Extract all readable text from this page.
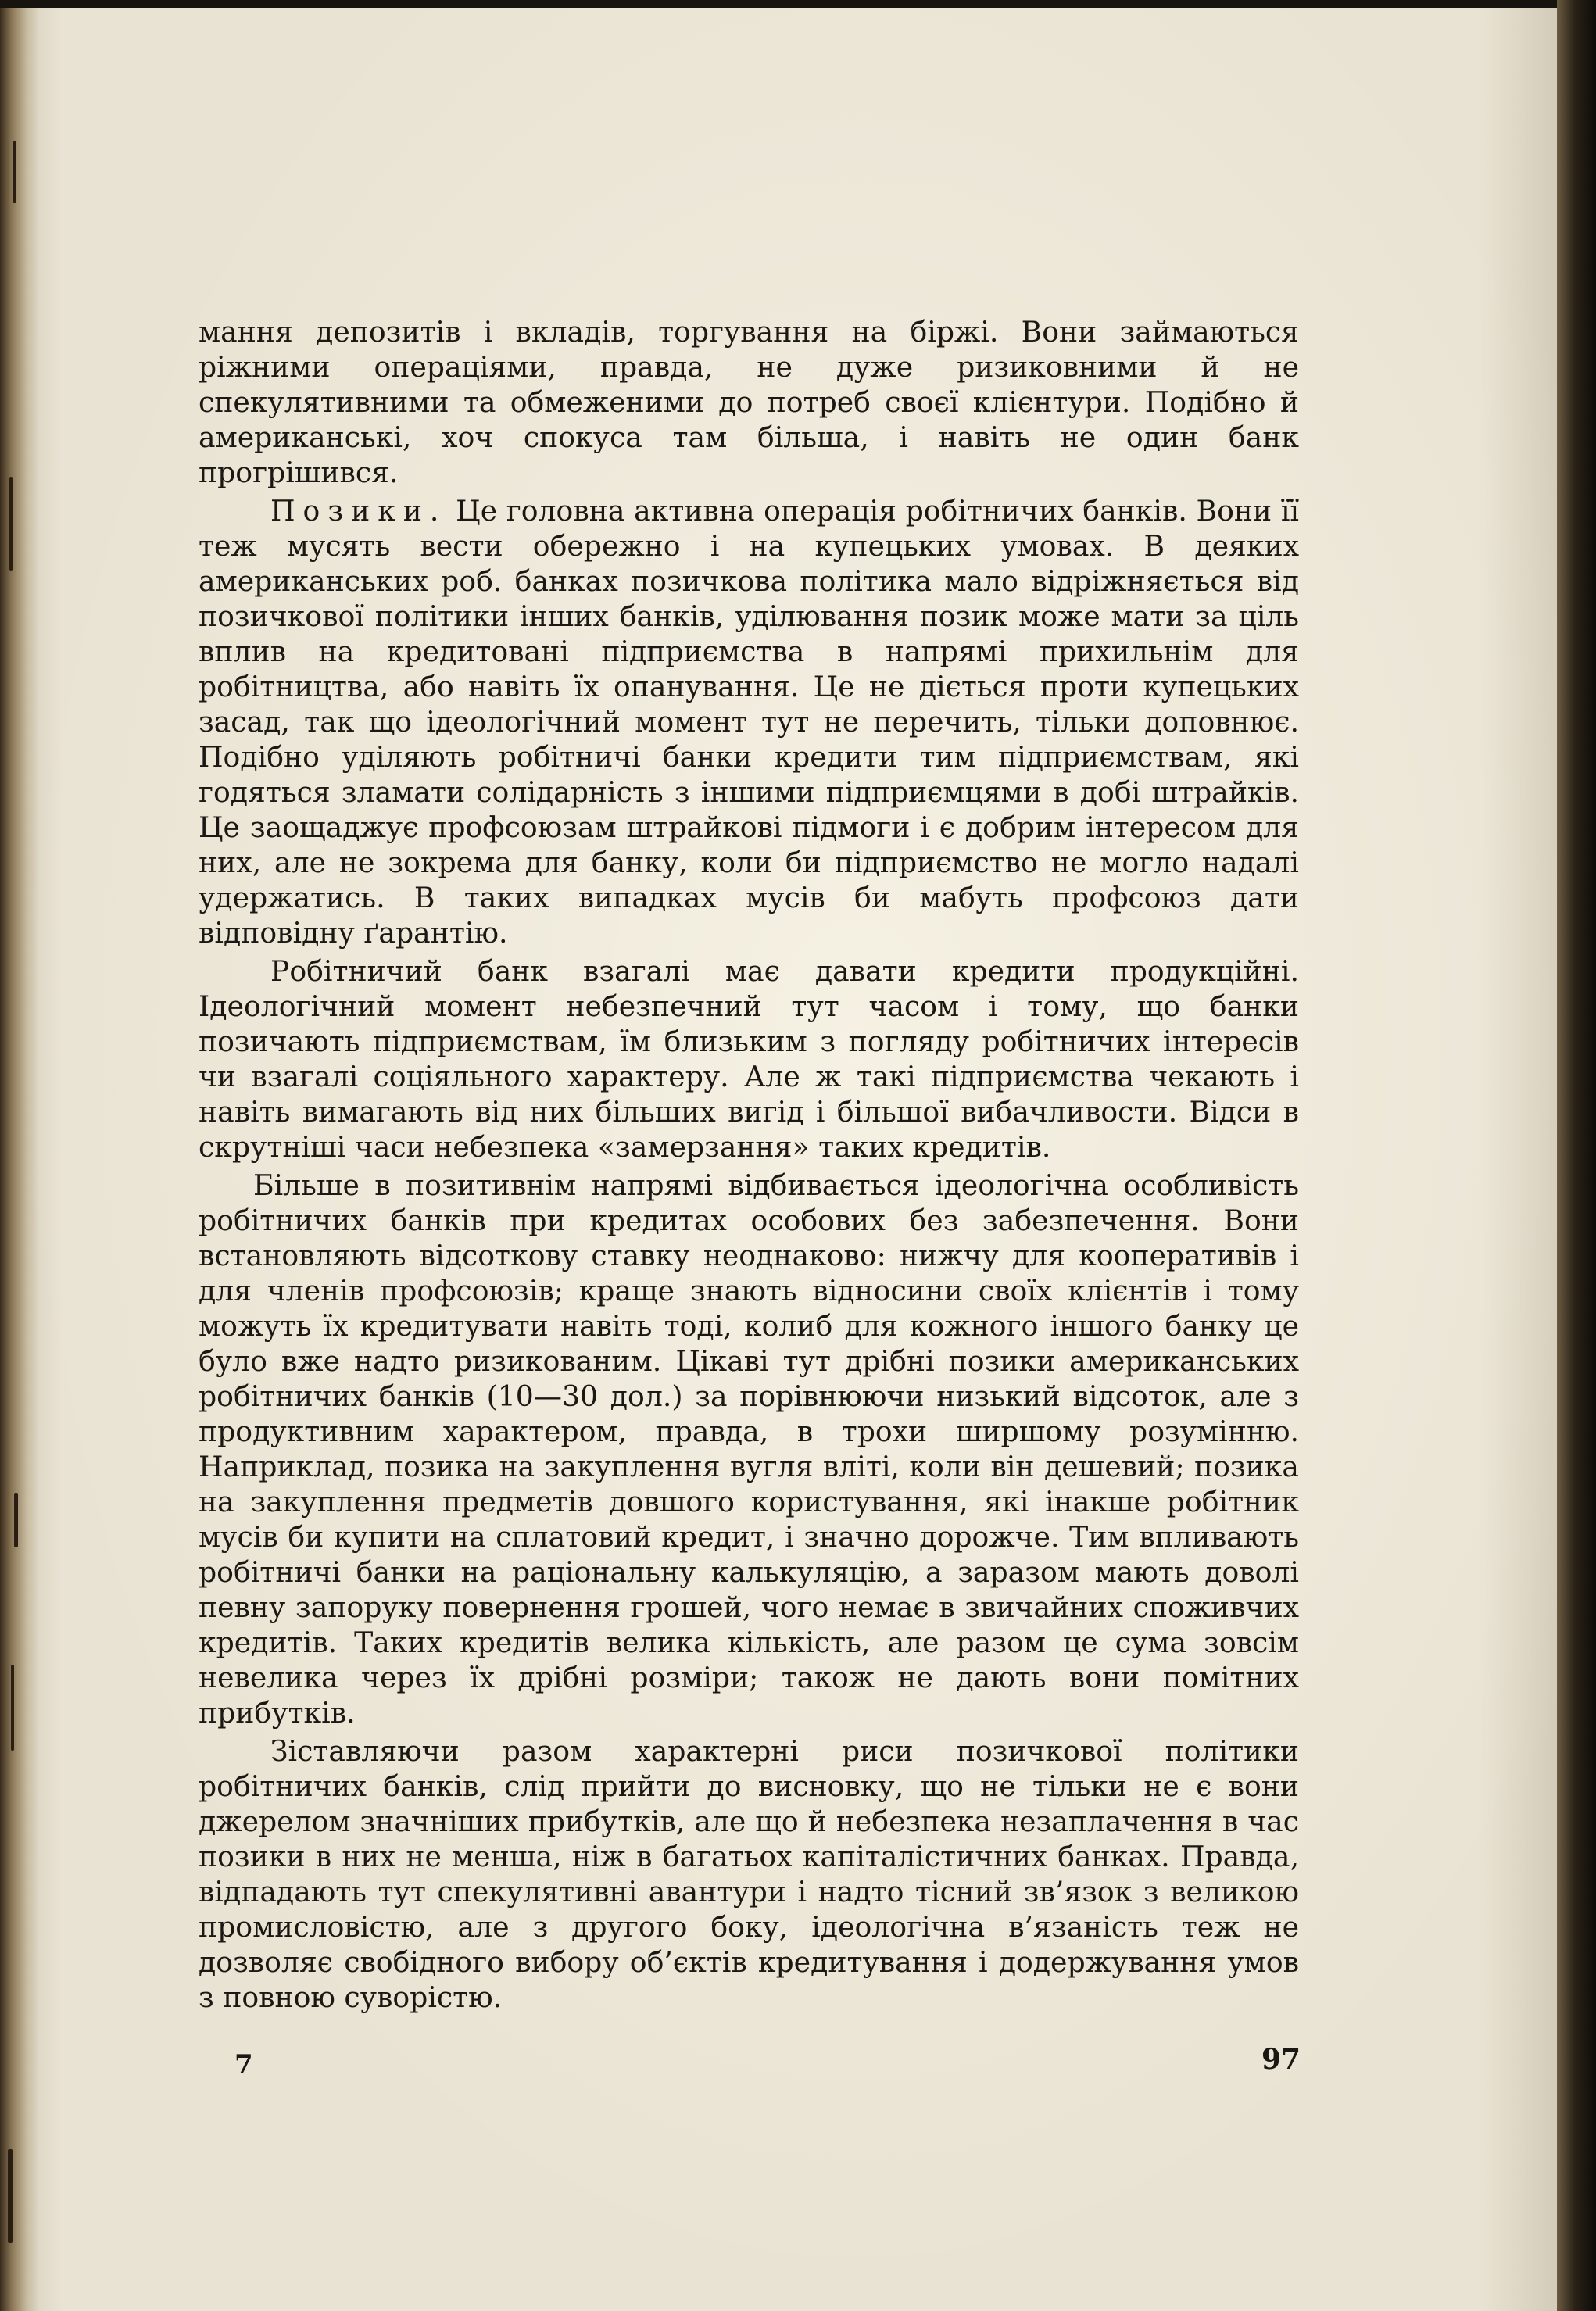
мання депозитів і вкладів, торгування на біржі. Вони займаються ріжними операціями, правда, не дуже ризиковними й не спекулятивними та обмеженими до потреб своєї клієнтури. Подібно й американські, хоч спокуса там більша, і навіть не один банк прогрішився.

Позики. Це головна активна операція робітничих банків. Вони її теж мусять вести обережно і на купецьких умовах. В деяких американських роб. банках позичкова політика мало відріжняється від позичкової політики інших банків, уділювання позик може мати за ціль вплив на кредитовані підприємства в напрямі прихильнім для робітництва, або навіть їх опанування. Це не діється проти купецьких засад, так що ідеологічний момент тут не перечить, тільки доповнює. Подібно уділяють робітничі банки кредити тим підприємствам, які годяться зламати солідарність з іншими підприємцями в добі штрайків. Це заощаджує профсоюзам штрайкові підмоги і є добрим інтересом для них, але не зокрема для банку, коли би підприємство не могло надалі удержатись. В таких випадках мусів би мабуть профсоюз дати відповідну ґарантію.

Робітничий банк взагалі має давати кредити продукційні. Ідеологічний момент небезпечний тут часом і тому, що банки позичають підприємствам, їм близьким з погляду робітничих інтересів чи взагалі соціяльного характеру. Але ж такі підприємства чекають і навіть вимагають від них більших вигід і більшої вибачливости. Відси в скрутніші часи небезпека «замерзання» таких кредитів.

Більше в позитивнім напрямі відбивається ідеологічна особливість робітничих банків при кредитах особових без забезпечення. Вони встановляють відсоткову ставку неоднаково: нижчу для кооперативів і для членів профсоюзів; краще знають відносини своїх клієнтів і тому можуть їх кредитувати навіть тоді, колиб для кожного іншого банку це було вже надто ризикованим. Цікаві тут дрібні позики американських робітничих банків (10—30 дол.) за порівнюючи низький відсоток, але з продуктивним характером, правда, в трохи ширшому розумінню. Наприклад, позика на закуплення вугля вліті, коли він дешевий; позика на закуплення предметів довшого користування, які інакше робітник мусів би купити на сплатовий кредит, і значно дорожче. Тим впливають робітничі банки на раціональну калькуляцію, а заразом мають доволі певну запоруку повернення грошей, чого немає в звичайних споживчих кредитів. Таких кредитів велика кількість, але разом це сума зовсім невелика через їх дрібні розміри; також не дають вони помітних прибутків.

Зіставляючи разом характерні риси позичкової політики робітничих банків, слід прийти до висновку, що не тільки не є вони джерелом значніших прибутків, але що й небезпека незаплачення в час позики в них не менша, ніж в багатьох капіталістичних банках. Правда, відпадають тут спекулятивні авантури і надто тісний зв’язок з великою промисловістю, але з другого боку, ідеологічна в’язаність теж не дозволяє свобідного вибору об’єктів кредитування і додержування умов з повною суворістю.

7	97
